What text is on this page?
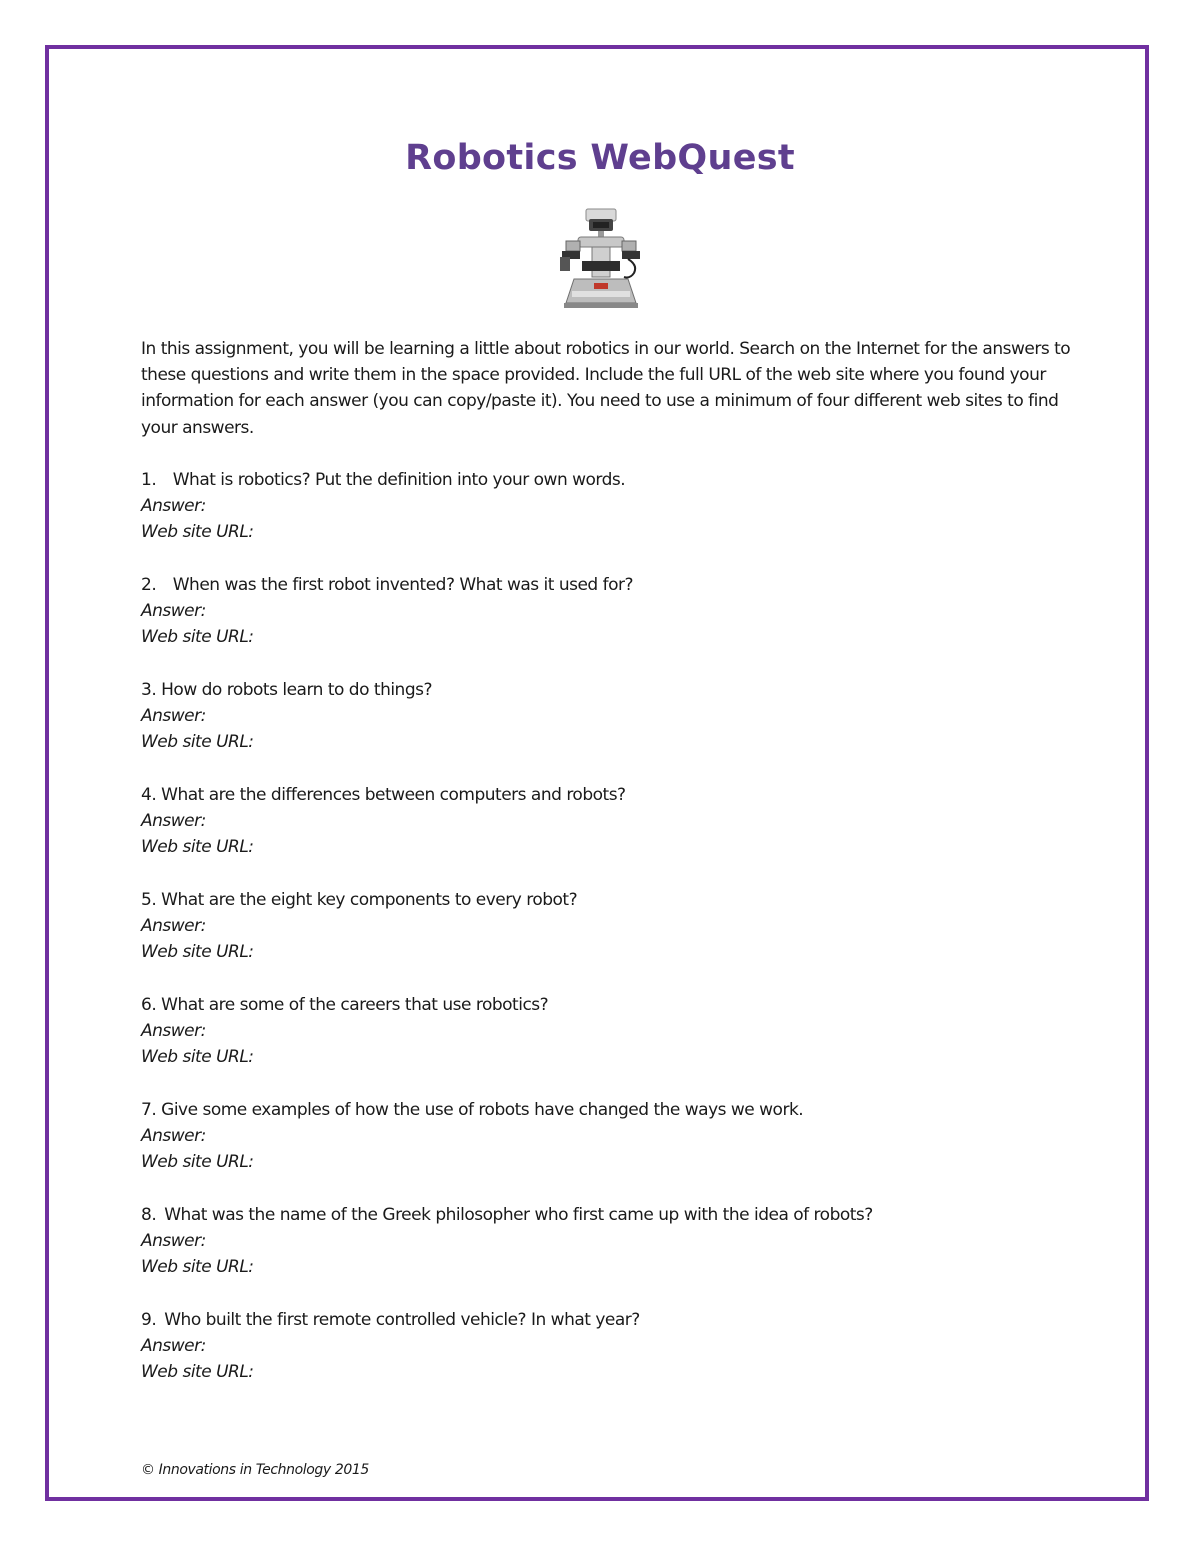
Robotics WebQuest

In this assignment, you will be learning a little about robotics in our world. Search on the Internet for the answers to these questions and write them in the space provided. Include the full URL of the web site where you found your information for each answer (you can copy/paste it). You need to use a minimum of four different web sites to find your answers.

1.  What is robotics? Put the definition into your own words.

Answer:

Web site URL:

2.  When was the first robot invented? What was it used for?

Answer:

Web site URL:

3. How do robots learn to do things?

Answer:

Web site URL:

4. What are the differences between computers and robots?

Answer:

Web site URL:

5. What are the eight key components to every robot?

Answer:

Web site URL:

6. What are some of the careers that use robotics?

Answer:

Web site URL:

7. Give some examples of how the use of robots have changed the ways we work.

Answer:

Web site URL:

8.  What was the name of the Greek philosopher who first came up with the idea of robots?

Answer:

Web site URL:

9.  Who built the first remote controlled vehicle? In what year?

Answer:

Web site URL:

© Innovations in Technology 2015
